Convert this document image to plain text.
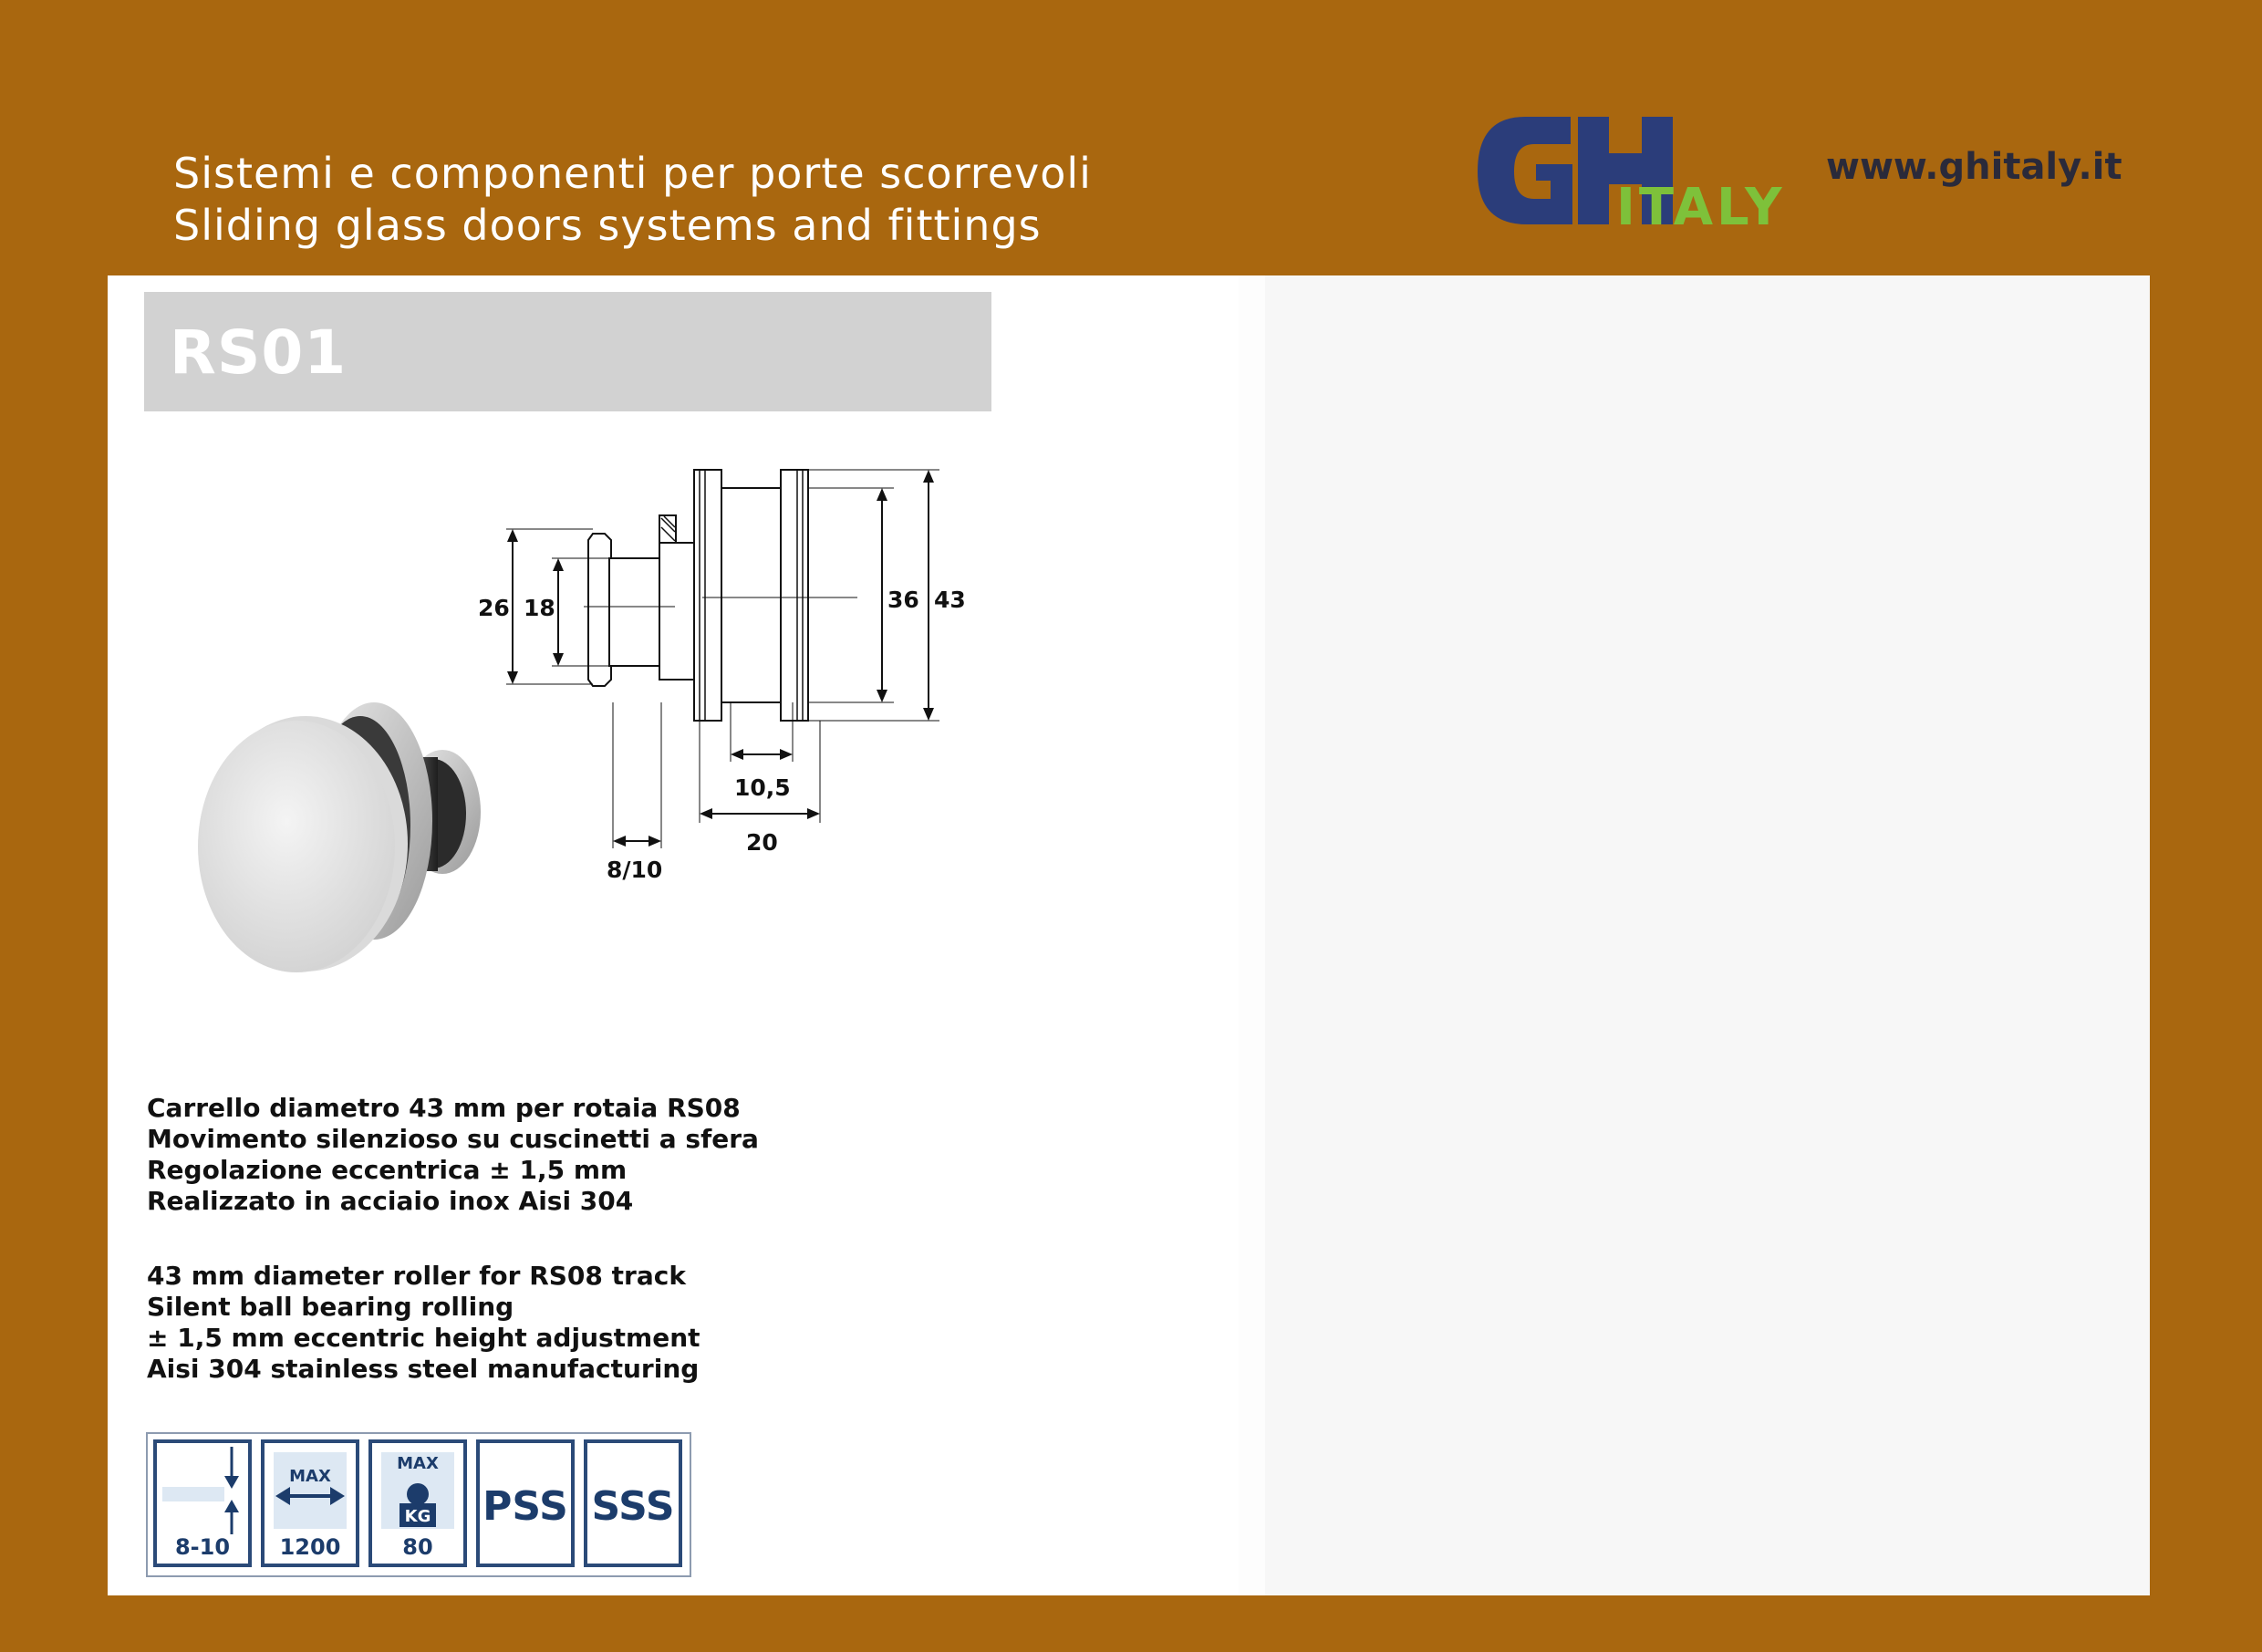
Sistemi e componenti per porte scorrevoli
Sliding glass doors systems and fittings	ITALY
www.ghitaly.it
RS01
26 18	36 43
10,5
20
8/10
Carrello diametro 43 mm per rotaia RS08
Movimento silenzioso su cuscinetti a sfera
Regolazione eccentrica ± 1,5 mm
Realizzato in acciaio inox Aisi 304
43 mm diameter roller for RS08 track
Silent ball bearing rolling
± 1,5 mm eccentric height adjustment
Aisi 304 stainless steel manufacturing
8-10
MAX
1200
MAX
KG
80
PSS SSS
